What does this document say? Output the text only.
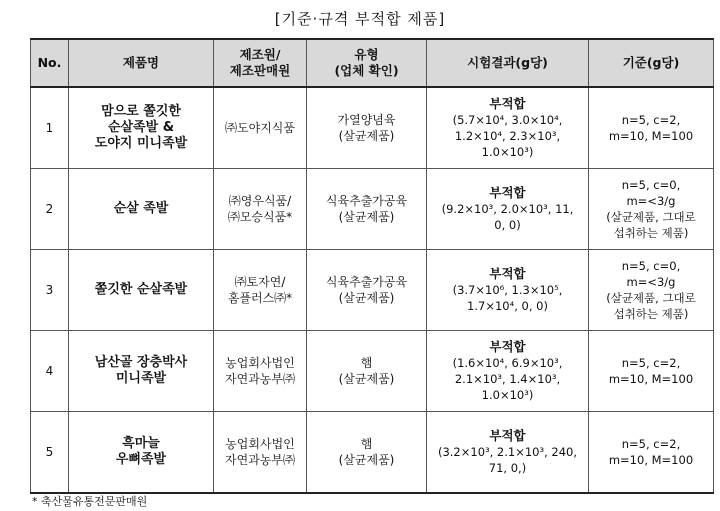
[기준·규격 부적합 제품]
No.	제품명	제조원/
제조판매원	유형
(업체 확인)	시험결과(g당)	기준(g당)
1	맘으로 쫄깃한
순살족발 &
도야지 미니족발	㈜도야지식품	가열양념육
(살균제품)	부적합
(5.7×10⁴, 3.0×10⁴,
1.2×10⁴, 2.3×10³,
1.0×10³)	n=5, c=2,
m=10, M=100
2	순살 족발	㈜영우식품/
㈜모승식품*	식육추출가공육
(살균제품)	부적합
(9.2×10³, 2.0×10³, 11,
0, 0)	n=5, c=0,
m=<3/g
(살균제품, 그대로
섭취하는 제품)
3	쫄깃한 순살족발	㈜토자연/
홈플러스㈜*	식육추출가공육
(살균제품)	부적합
(3.7×10⁶, 1.3×10⁵,
1.7×10⁴, 0, 0)	n=5, c=0,
m=<3/g
(살균제품, 그대로
섭취하는 제품)
4	남산골 장충박사
미니족발	농업회사법인
자연과농부㈜	햄
(살균제품)	부적합
(1.6×10⁴, 6.9×10³,
2.1×10³, 1.4×10³,
1.0×10³)	n=5, c=2,
m=10, M=100
5	흑마늘
우뼈족발	농업회사법인
자연과농부㈜	햄
(살균제품)	부적합
(3.2×10³, 2.1×10³, 240,
71, 0,)	n=5, c=2,
m=10, M=100
* 축산물유통전문판매원
